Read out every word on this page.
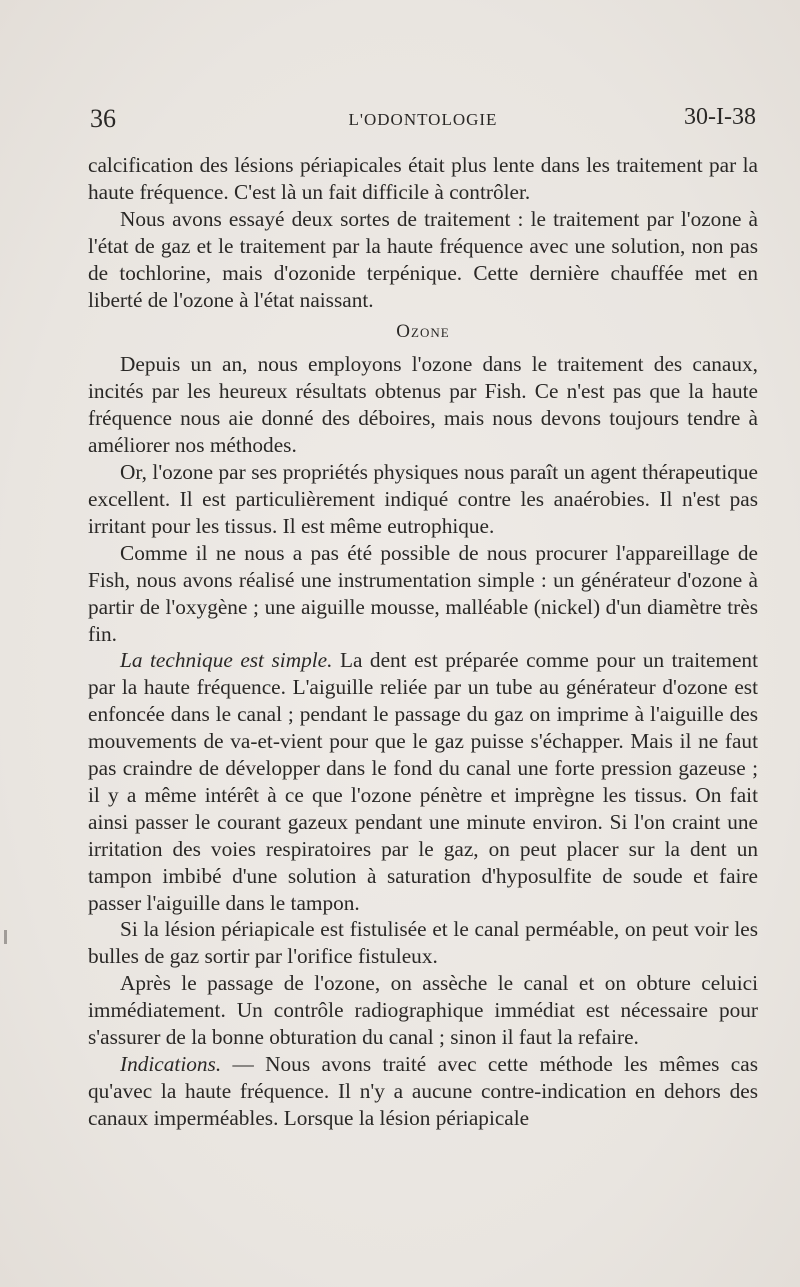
36	L'ODONTOLOGIE	30-I-38

calcification des lésions périapicales était plus lente dans les traitement par la haute fréquence. C'est là un fait difficile à contrôler.

Nous avons essayé deux sortes de traitement : le traitement par l'ozone à l'état de gaz et le traitement par la haute fréquence avec une solution, non pas de tochlorine, mais d'ozonide terpénique. Cette dernière chauffée met en liberté de l'ozone à l'état naissant.

Ozone

Depuis un an, nous employons l'ozone dans le traitement des canaux, incités par les heureux résultats obtenus par Fish. Ce n'est pas que la haute fréquence nous aie donné des déboires, mais nous devons toujours tendre à améliorer nos méthodes.

Or, l'ozone par ses propriétés physiques nous paraît un agent thérapeutique excellent. Il est particulièrement indiqué contre les anaérobies. Il n'est pas irritant pour les tissus. Il est même eutrophique.

Comme il ne nous a pas été possible de nous procurer l'appareillage de Fish, nous avons réalisé une instrumentation simple : un générateur d'ozone à partir de l'oxygène ; une aiguille mousse, malléable (nickel) d'un diamètre très fin.

La technique est simple. La dent est préparée comme pour un traitement par la haute fréquence. L'aiguille reliée par un tube au générateur d'ozone est enfoncée dans le canal ; pendant le passage du gaz on imprime à l'aiguille des mouvements de va-et-vient pour que le gaz puisse s'échapper. Mais il ne faut pas craindre de développer dans le fond du canal une forte pression gazeuse ; il y a même intérêt à ce que l'ozone pénètre et imprègne les tissus. On fait ainsi passer le courant gazeux pendant une minute environ. Si l'on craint une irritation des voies respiratoires par le gaz, on peut placer sur la dent un tampon imbibé d'une solution à saturation d'hyposulfite de soude et faire passer l'aiguille dans le tampon.

Si la lésion périapicale est fistulisée et le canal perméable, on peut voir les bulles de gaz sortir par l'orifice fistuleux.

Après le passage de l'ozone, on assèche le canal et on obture celuici immédiatement. Un contrôle radiographique immédiat est nécessaire pour s'assurer de la bonne obturation du canal ; sinon il faut la refaire.

Indications. — Nous avons traité avec cette méthode les mêmes cas qu'avec la haute fréquence. Il n'y a aucune contre-indication en dehors des canaux imperméables. Lorsque la lésion périapicale
